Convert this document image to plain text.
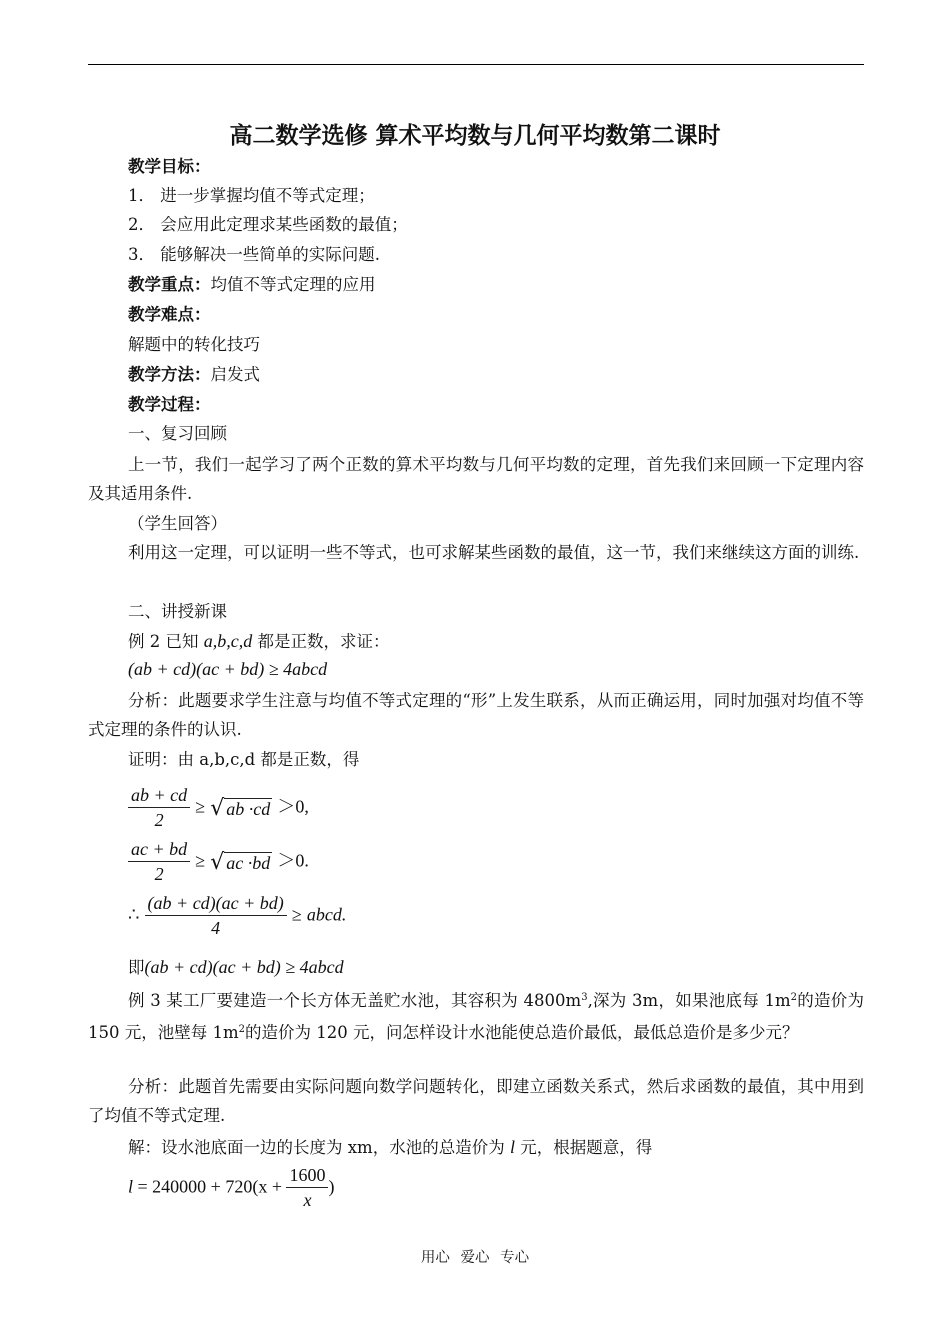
高二数学选修 算术平均数与几何平均数第二课时
教学目标：
1． 进一步掌握均值不等式定理；
2． 会应用此定理求某些函数的最值；
3． 能够解决一些简单的实际问题.
教学重点：均值不等式定理的应用
教学难点：
解题中的转化技巧
教学方法：启发式
教学过程：
一、复习回顾
上一节，我们一起学习了两个正数的算术平均数与几何平均数的定理，首先我们来回顾一下定理内容及其适用条件.
（学生回答）
利用这一定理，可以证明一些不等式，也可求解某些函数的最值，这一节，我们来继续这方面的训练.
二、讲授新课
例 2 已知 a,b,c,d 都是正数，求证：
(ab + cd)(ac + bd) ≥ 4abcd
分析：此题要求学生注意与均值不等式定理的“形”上发生联系，从而正确运用，同时加强对均值不等式定理的条件的认识.
证明：由 a,b,c,d 都是正数，得
$\frac{ab + cd}{2}$ ≥ √ ab ·cd ＞0,
$\frac{ac + bd}{2}$ ≥ √ ac ·bd ＞0.
∴ $\frac{(ab + cd)(ac + bd)}{4}$ ≥ abcd.
即(ab + cd)(ac + bd) ≥ 4abcd
例 3 某工厂要建造一个长方体无盖贮水池，其容积为 $4800m^3$,深为 3m，如果池底每 $1m^2$的造价为 150 元，池壁每 $1m^2$的造价为 120 元，问怎样设计水池能使总造价最低，最低总造价是多少元？
分析：此题首先需要由实际问题向数学问题转化，即建立函数关系式，然后求函数的最值，其中用到了均值不等式定理.
解：设水池底面一边的长度为 xm，水池的总造价为 l 元，根据题意，得
$l = 240000 + 720(x + \frac{1600}{x}$ )
用心 爱心 专心
